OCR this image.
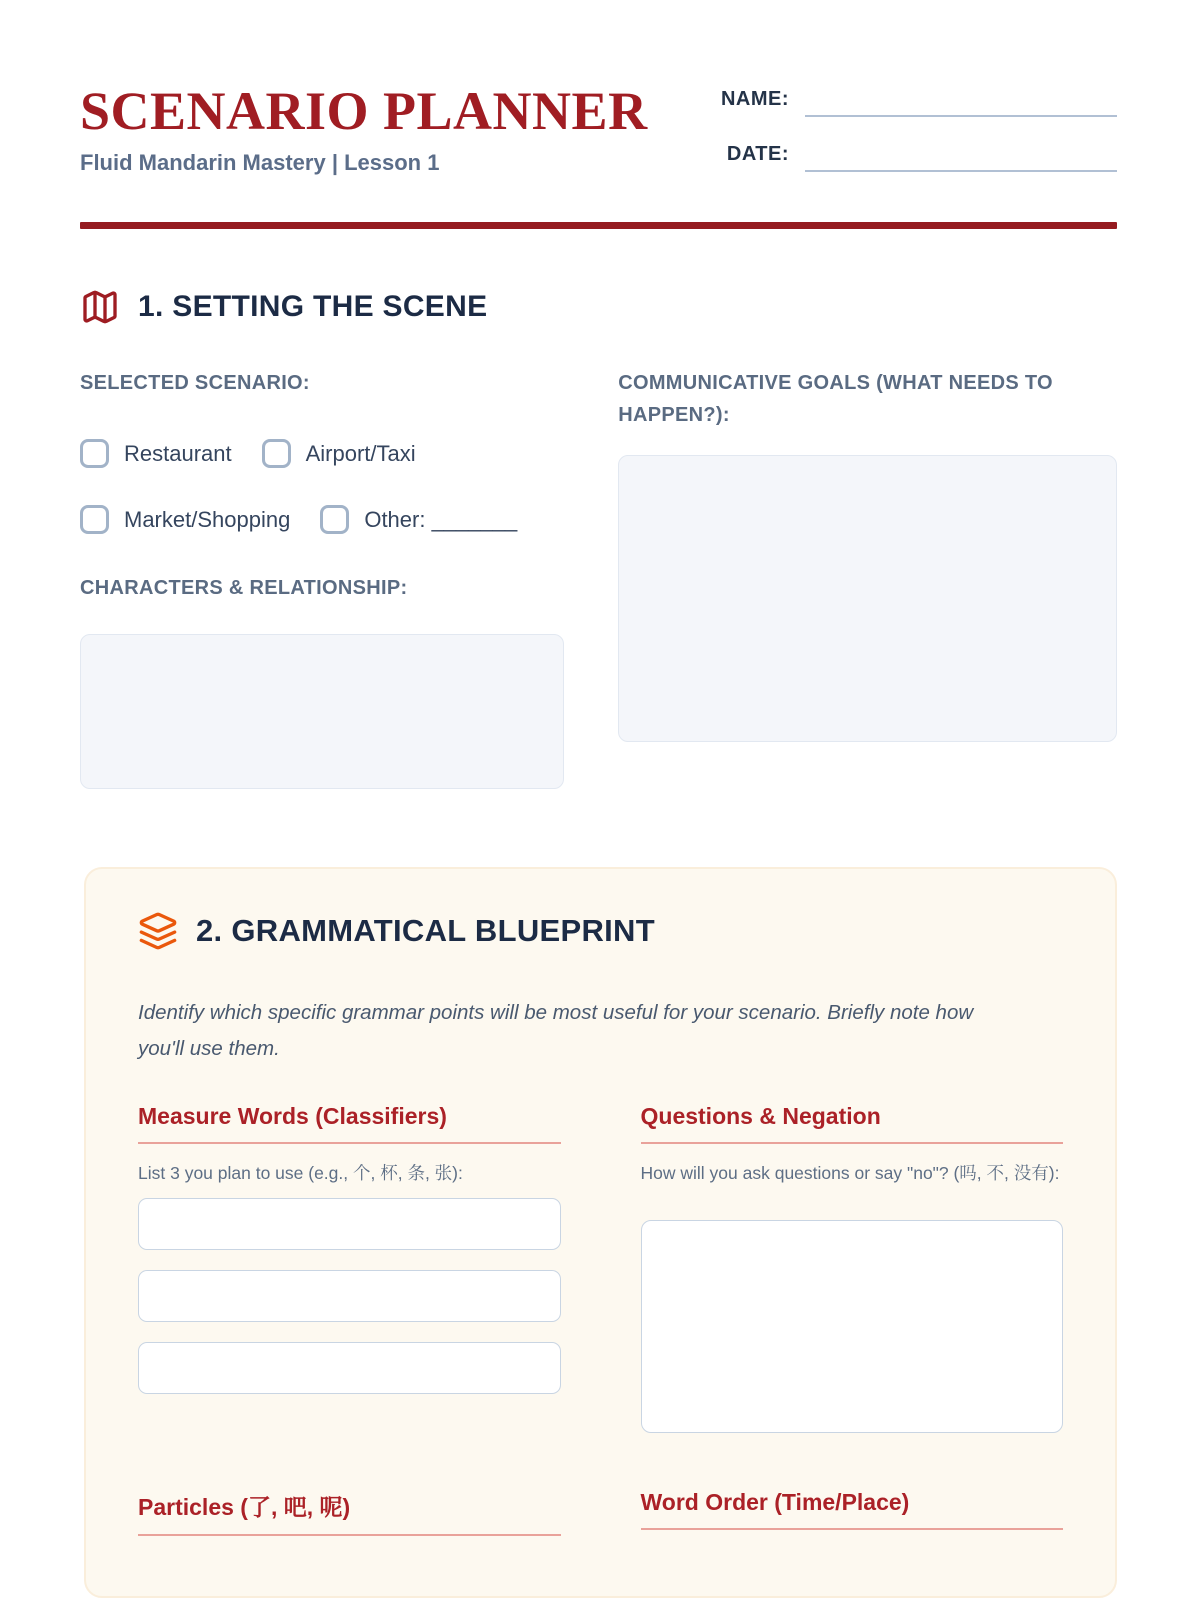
SCENARIO PLANNER
Fluid Mandarin Mastery | Lesson 1
NAME:
DATE:
1. SETTING THE SCENE
SELECTED SCENARIO:
Restaurant	Airport/Taxi
Market/Shopping	Other: _______
CHARACTERS & RELATIONSHIP:
COMMUNICATIVE GOALS (WHAT NEEDS TO HAPPEN?):
2. GRAMMATICAL BLUEPRINT
Identify which specific grammar points will be most useful for your scenario. Briefly note how you'll use them.
Measure Words (Classifiers)
List 3 you plan to use (e.g., 个, 杯, 条, 张):
Questions & Negation
How will you ask questions or say "no"? (吗, 不, 没有):
Particles (了, 吧, 呢)	Word Order (Time/Place)
